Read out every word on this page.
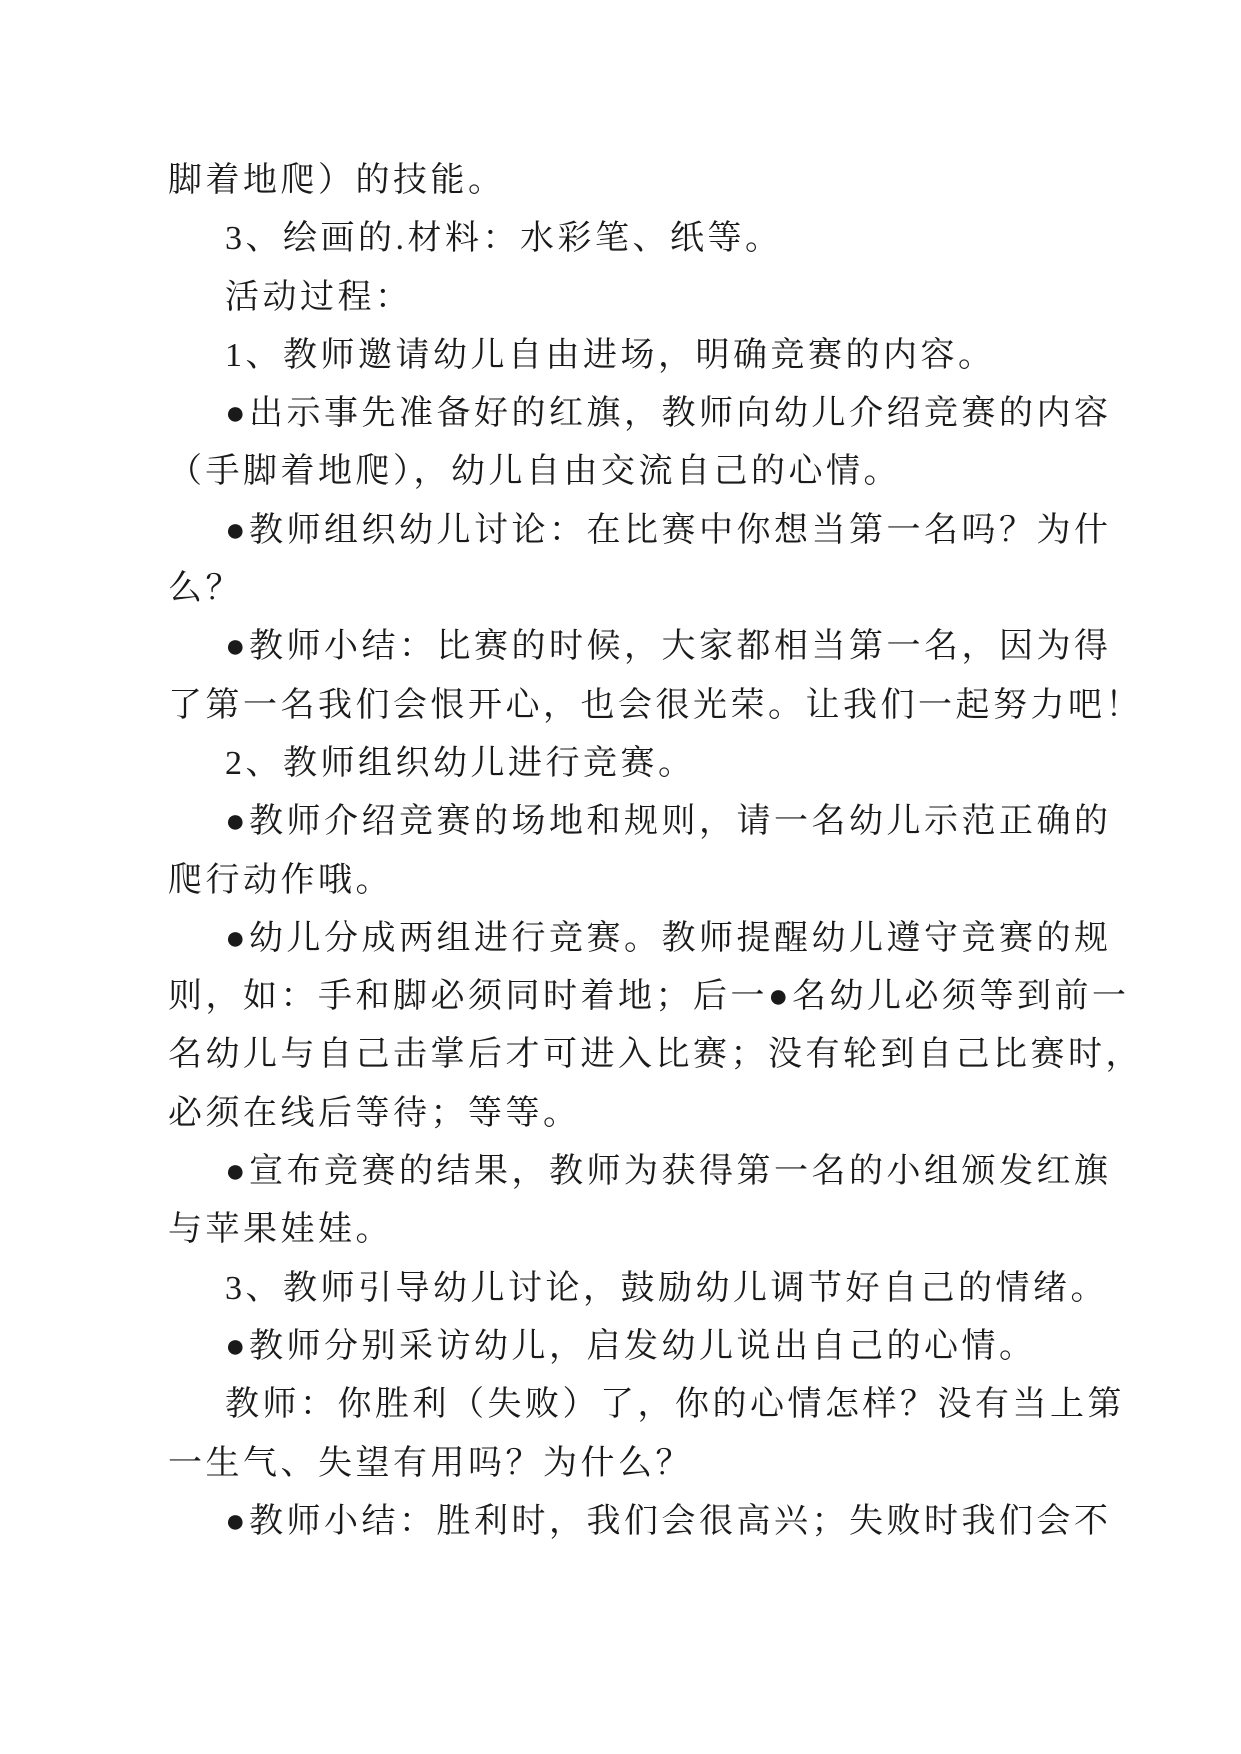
脚着地爬）的技能。
3、绘画的.材料：水彩笔、纸等。
活动过程：
1、教师邀请幼儿自由进场，明确竞赛的内容。
●出示事先准备好的红旗，教师向幼儿介绍竞赛的内容
（手脚着地爬），幼儿自由交流自己的心情。
●教师组织幼儿讨论：在比赛中你想当第一名吗？为什
么？
●教师小结：比赛的时候，大家都相当第一名，因为得
了第一名我们会恨开心，也会很光荣。让我们一起努力吧！
2、教师组织幼儿进行竞赛。
●教师介绍竞赛的场地和规则，请一名幼儿示范正确的
爬行动作哦。
●幼儿分成两组进行竞赛。教师提醒幼儿遵守竞赛的规
则，如：手和脚必须同时着地；后一●名幼儿必须等到前一
名幼儿与自己击掌后才可进入比赛；没有轮到自己比赛时，
必须在线后等待；等等。
●宣布竞赛的结果，教师为获得第一名的小组颁发红旗
与苹果娃娃。
3、教师引导幼儿讨论，鼓励幼儿调节好自己的情绪。
●教师分别采访幼儿，启发幼儿说出自己的心情。
教师：你胜利（失败）了，你的心情怎样？没有当上第
一生气、失望有用吗？为什么？
●教师小结：胜利时，我们会很高兴；失败时我们会不
